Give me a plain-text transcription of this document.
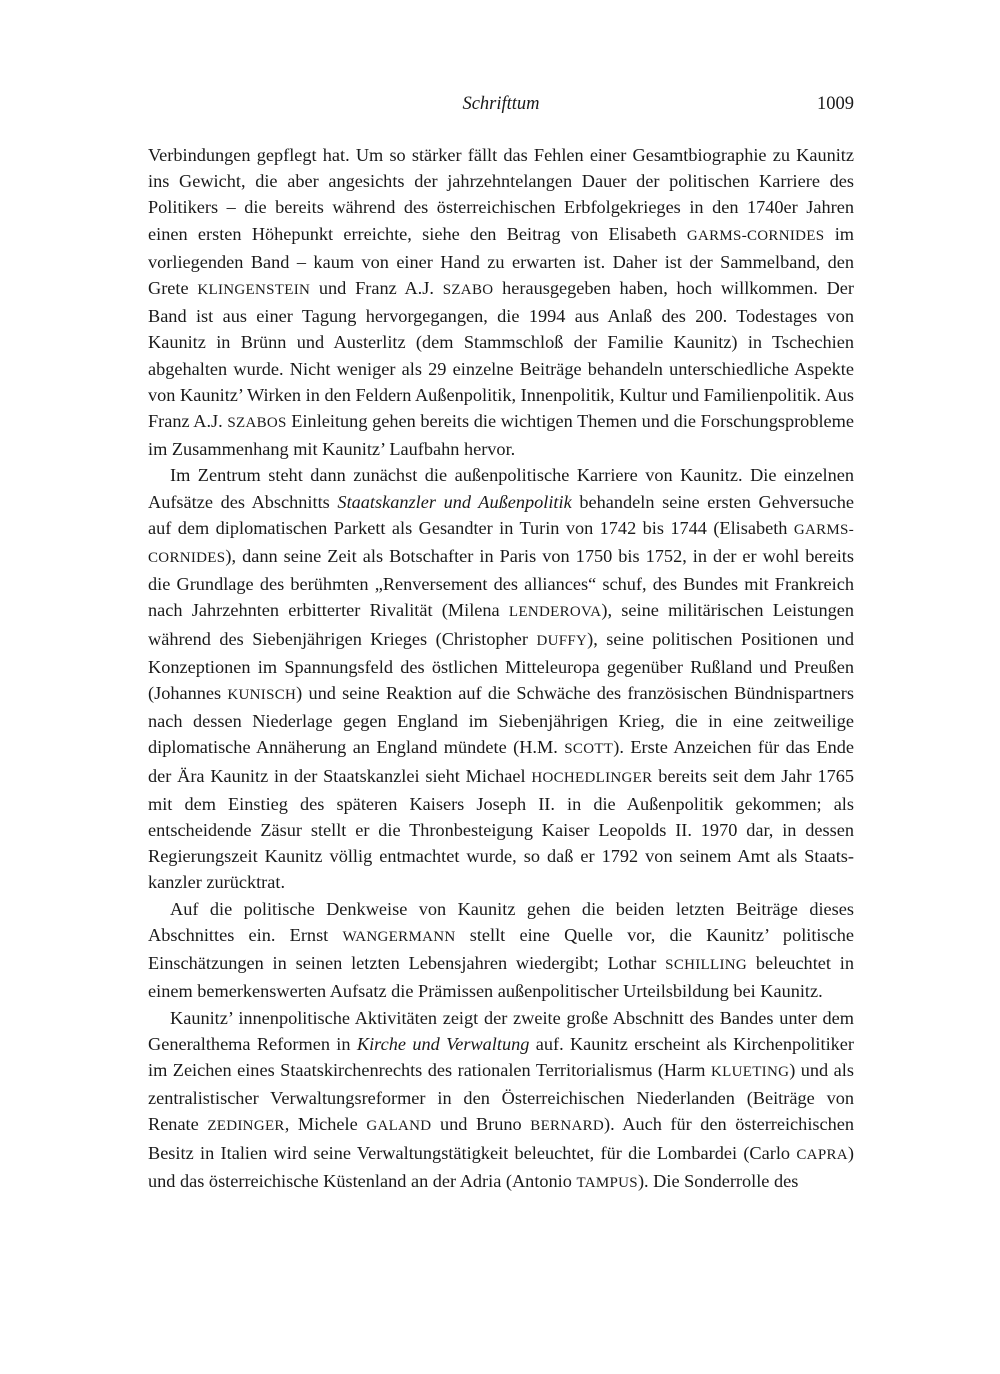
Schrifttum	1009

Verbindungen gepflegt hat. Um so stärker fällt das Fehlen einer Gesamtbiographie zu Kaunitz ins Gewicht, die aber angesichts der jahrzehntelangen Dauer der politischen Karriere des Politikers – die bereits während des österreichischen Erbfolgekrieges in den 1740er Jahren einen ersten Höhepunkt erreichte, siehe den Beitrag von Elisabeth GARMS-CORNIDES im vorliegenden Band – kaum von einer Hand zu erwarten ist. Daher ist der Sammelband, den Grete KLINGENSTEIN und Franz A.J. SZABO herausgegeben haben, hoch willkommen. Der Band ist aus einer Tagung hervorgegangen, die 1994 aus Anlaß des 200. Todestages von Kaunitz in Brünn und Austerlitz (dem Stammschloß der Familie Kaunitz) in Tschechien abgehalten wurde. Nicht weniger als 29 einzelne Beiträge behandeln unterschiedliche Aspekte von Kaunitz’ Wirken in den Feldern Außenpolitik, Innenpolitik, Kultur und Familienpolitik. Aus Franz A.J. SZABOS Einleitung gehen bereits die wichtigen Themen und die Forschungsprobleme im Zusammenhang mit Kaunitz’ Laufbahn hervor.

Im Zentrum steht dann zunächst die außenpolitische Karriere von Kaunitz. Die einzelnen Aufsätze des Abschnitts Staatskanzler und Außenpolitik behandeln seine ersten Gehversuche auf dem diplomatischen Parkett als Gesandter in Turin von 1742 bis 1744 (Elisabeth GARMS-CORNIDES), dann seine Zeit als Botschafter in Paris von 1750 bis 1752, in der er wohl bereits die Grundlage des berühmten „Renversement des alliances“ schuf, des Bundes mit Frankreich nach Jahrzehnten erbitterter Rivalität (Milena LENDEROVA), seine militärischen Leistungen während des Siebenjährigen Krieges (Christopher DUFFY), seine politischen Positionen und Konzeptionen im Spannungsfeld des östlichen Mitteleuropa gegenüber Rußland und Preußen (Johannes KUNISCH) und seine Reaktion auf die Schwäche des französischen Bündnispartners nach dessen Niederlage gegen England im Siebenjährigen Krieg, die in eine zeitweilige diplomatische Annäherung an England mündete (H.M. SCOTT). Erste Anzeichen für das Ende der Ära Kaunitz in der Staatskanzlei sieht Michael HOCHEDLINGER bereits seit dem Jahr 1765 mit dem Einstieg des späteren Kaisers Joseph II. in die Außenpolitik gekommen; als entscheidende Zäsur stellt er die Thronbesteigung Kaiser Leopolds II. 1970 dar, in dessen Regierungszeit Kaunitz völlig entmachtet wurde, so daß er 1792 von seinem Amt als Staatskanzler zurücktrat.

Auf die politische Denkweise von Kaunitz gehen die beiden letzten Beiträge dieses Abschnittes ein. Ernst WANGERMANN stellt eine Quelle vor, die Kaunitz’ politische Einschätzungen in seinen letzten Lebensjahren wiedergibt; Lothar SCHILLING beleuchtet in einem bemerkenswerten Aufsatz die Prämissen außenpolitischer Urteilsbildung bei Kaunitz.

Kaunitz’ innenpolitische Aktivitäten zeigt der zweite große Abschnitt des Bandes unter dem Generalthema Reformen in Kirche und Verwaltung auf. Kaunitz erscheint als Kirchenpolitiker im Zeichen eines Staatskirchenrechts des rationalen Territorialismus (Harm KLUETING) und als zentralistischer Verwaltungsreformer in den Österreichischen Niederlanden (Beiträge von Renate ZEDINGER, Michele GALAND und Bruno BERNARD). Auch für den österreichischen Besitz in Italien wird seine Verwaltungstätigkeit beleuchtet, für die Lombardei (Carlo CAPRA) und das österreichische Küstenland an der Adria (Antonio TAMPUS). Die Sonderrolle des
